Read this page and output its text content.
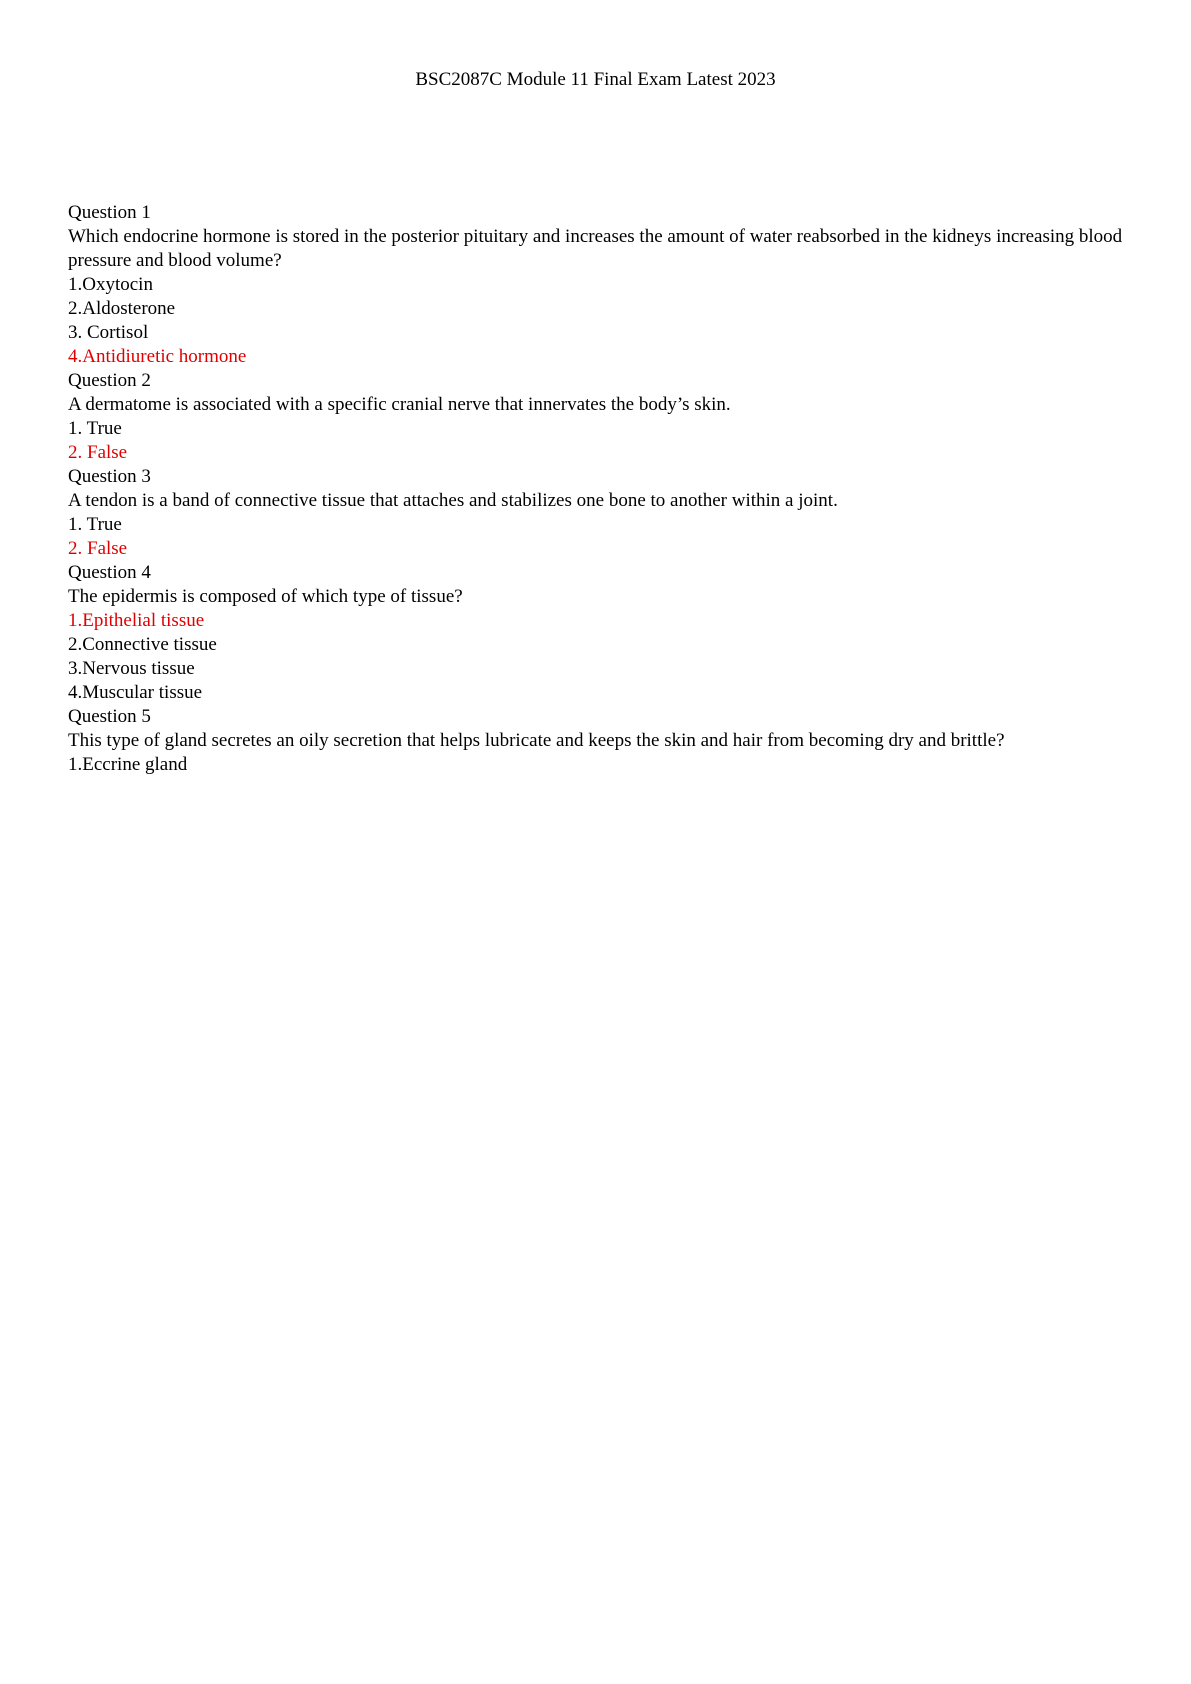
BSC2087C Module 11 Final Exam Latest 2023
Question 1
Which endocrine hormone is stored in the posterior pituitary and increases the amount of water reabsorbed in the kidneys increasing blood pressure and blood volume?
1.Oxytocin
2.Aldosterone
3. Cortisol
4.Antidiuretic hormone
Question 2
A dermatome is associated with a specific cranial nerve that innervates the body’s skin.
1. True
2. False
Question 3
A tendon is a band of connective tissue that attaches and stabilizes one bone to another within a joint.
1. True
2. False
Question 4
The epidermis is composed of which type of tissue?
1.Epithelial tissue
2.Connective tissue
3.Nervous tissue
4.Muscular tissue
Question 5
This type of gland secretes an oily secretion that helps lubricate and keeps the skin and hair from becoming dry and brittle?
1.Eccrine gland
